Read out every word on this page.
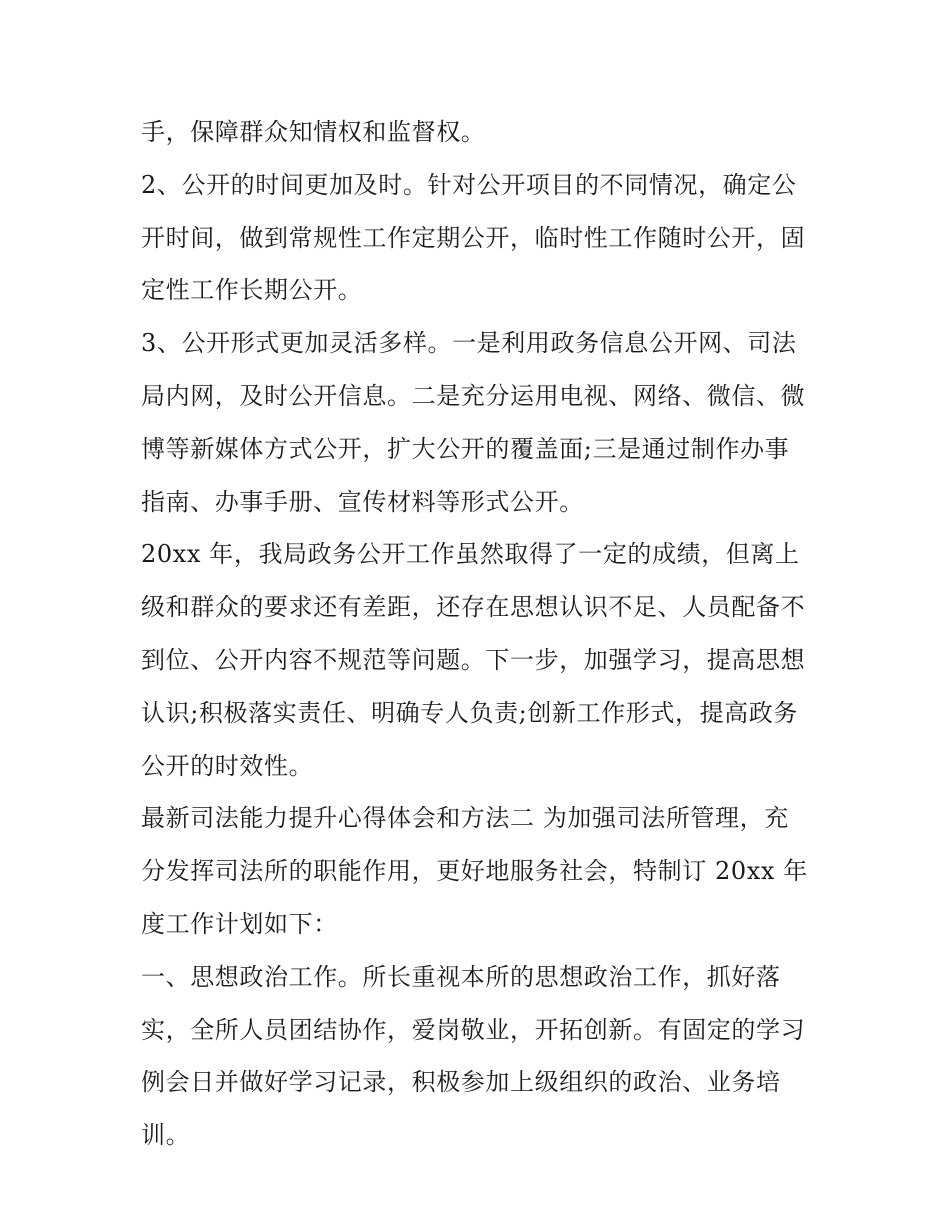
手，保障群众知情权和监督权。
2、公开的时间更加及时。针对公开项目的不同情况，确定公
开时间，做到常规性工作定期公开，临时性工作随时公开，固
定性工作长期公开。
3、公开形式更加灵活多样。一是利用政务信息公开网、司法
局内网，及时公开信息。二是充分运用电视、网络、微信、微
博等新媒体方式公开，扩大公开的覆盖面;三是通过制作办事
指南、办事手册、宣传材料等形式公开。
20xx 年，我局政务公开工作虽然取得了一定的成绩，但离上
级和群众的要求还有差距，还存在思想认识不足、人员配备不
到位、公开内容不规范等问题。下一步，加强学习，提高思想
认识;积极落实责任、明确专人负责;创新工作形式，提高政务
公开的时效性。
最新司法能力提升心得体会和方法二 为加强司法所管理，充
分发挥司法所的职能作用，更好地服务社会，特制订 20xx 年
度工作计划如下：
一、思想政治工作。所长重视本所的思想政治工作，抓好落
实，全所人员团结协作，爱岗敬业，开拓创新。有固定的学习
例会日并做好学习记录，积极参加上级组织的政治、业务培
训。
